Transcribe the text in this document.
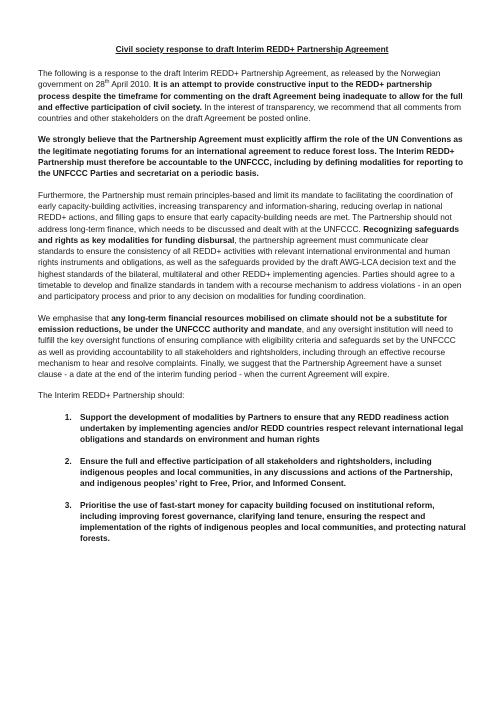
Civil society response to draft Interim REDD+ Partnership Agreement

The following is a response to the draft Interim REDD+ Partnership Agreement, as released by the Norwegian government on 28th April 2010. It is an attempt to provide constructive input to the REDD+ partnership process despite the timeframe for commenting on the draft Agreement being inadequate to allow for the full and effective participation of civil society. In the interest of transparency, we recommend that all comments from countries and other stakeholders on the draft Agreement be posted online.

We strongly believe that the Partnership Agreement must explicitly affirm the role of the UN Conventions as the legitimate negotiating forums for an international agreement to reduce forest loss. The Interim REDD+ Partnership must therefore be accountable to the UNFCCC, including by defining modalities for reporting to the UNFCCC Parties and secretariat on a periodic basis.

Furthermore, the Partnership must remain principles-based and limit its mandate to facilitating the coordination of early capacity-building activities, increasing transparency and information-sharing, reducing overlap in national REDD+ actions, and filling gaps to ensure that early capacity-building needs are met. The Partnership should not address long-term finance, which needs to be discussed and dealt with at the UNFCCC. Recognizing safeguards and rights as key modalities for funding disbursal, the partnership agreement must communicate clear standards to ensure the consistency of all REDD+ activities with relevant international environmental and human rights instruments and obligations, as well as the safeguards provided by the draft AWG-LCA decision text and the highest standards of the bilateral, multilateral and other REDD+ implementing agencies. Parties should agree to a timetable to develop and finalize standards in tandem with a recourse mechanism to address violations - in an open and participatory process and prior to any decision on modalities for funding coordination.

We emphasise that any long-term financial resources mobilised on climate should not be a substitute for emission reductions, be under the UNFCCC authority and mandate, and any oversight institution will need to fulfill the key oversight functions of ensuring compliance with eligibility criteria and safeguards set by the UNFCCC as well as providing accountability to all stakeholders and rightsholders, including through an effective recourse mechanism to hear and resolve complaints. Finally, we suggest that the Partnership Agreement have a sunset clause - a date at the end of the interim funding period - when the current Agreement will expire.

The Interim REDD+ Partnership should:

1. Support the development of modalities by Partners to ensure that any REDD readiness action undertaken by implementing agencies and/or REDD countries respect relevant international legal obligations and standards on environment and human rights
2. Ensure the full and effective participation of all stakeholders and rightsholders, including indigenous peoples and local communities, in any discussions and actions of the Partnership, and indigenous peoples’ right to Free, Prior, and Informed Consent.
3. Prioritise the use of fast-start money for capacity building focused on institutional reform, including improving forest governance, clarifying land tenure, ensuring the respect and implementation of the rights of indigenous peoples and local communities, and protecting natural forests.
